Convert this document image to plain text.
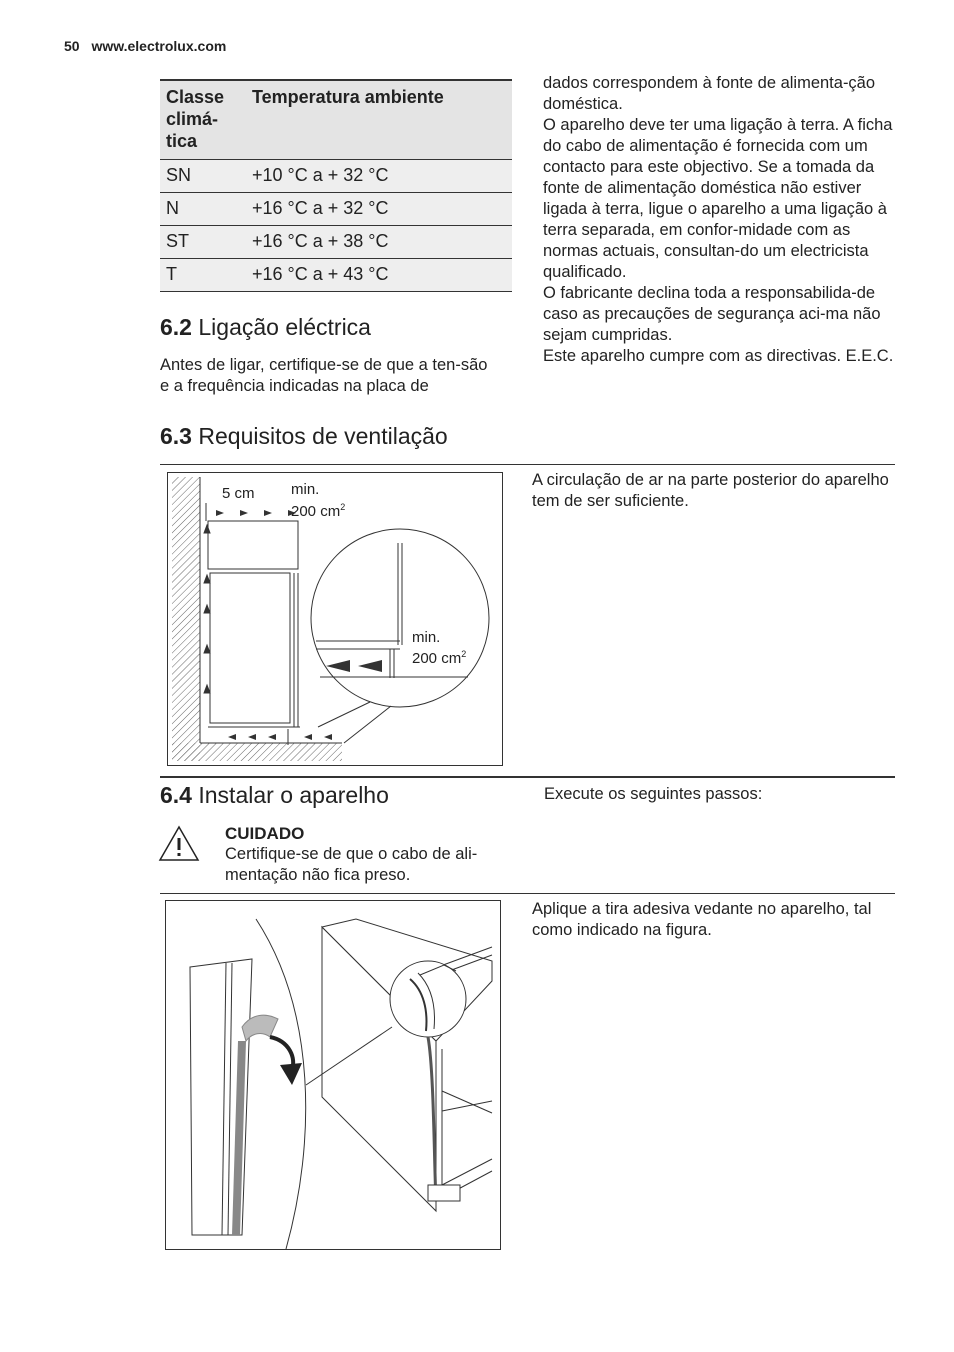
50 www.electrolux.com
Classe
climá-
tica	Temperatura ambiente
SN	+10 °C a + 32 °C
N	+16 °C a + 32 °C
ST	+16 °C a + 38 °C
T	+16 °C a + 43 °C
6.2 Ligação eléctrica
Antes de ligar, certifique-se de que a ten-são e a frequência indicadas na placa de
dados correspondem à fonte de alimenta-ção doméstica.
O aparelho deve ter uma ligação à terra. A ficha do cabo de alimentação é fornecida com um contacto para este objectivo. Se a tomada da fonte de alimentação doméstica não estiver ligada à terra, ligue o aparelho a uma ligação à terra separada, em confor-midade com as normas actuais, consultan-do um electricista qualificado.
O fabricante declina toda a responsabilida-de caso as precauções de segurança aci-ma não sejam cumpridas.
Este aparelho cumpre com as directivas. E.E.C.
6.3 Requisitos de ventilação
A circulação de ar na parte posterior do aparelho tem de ser suficiente.
5 cm min.
200 $cm^2$
min.
200 $cm^2$
6.4 Instalar o aparelho	Execute os seguintes passos:
CUIDADO
Certifique-se de que o cabo de ali-mentação não fica preso.
Aplique a tira adesiva vedante no aparelho, tal como indicado na figura.
